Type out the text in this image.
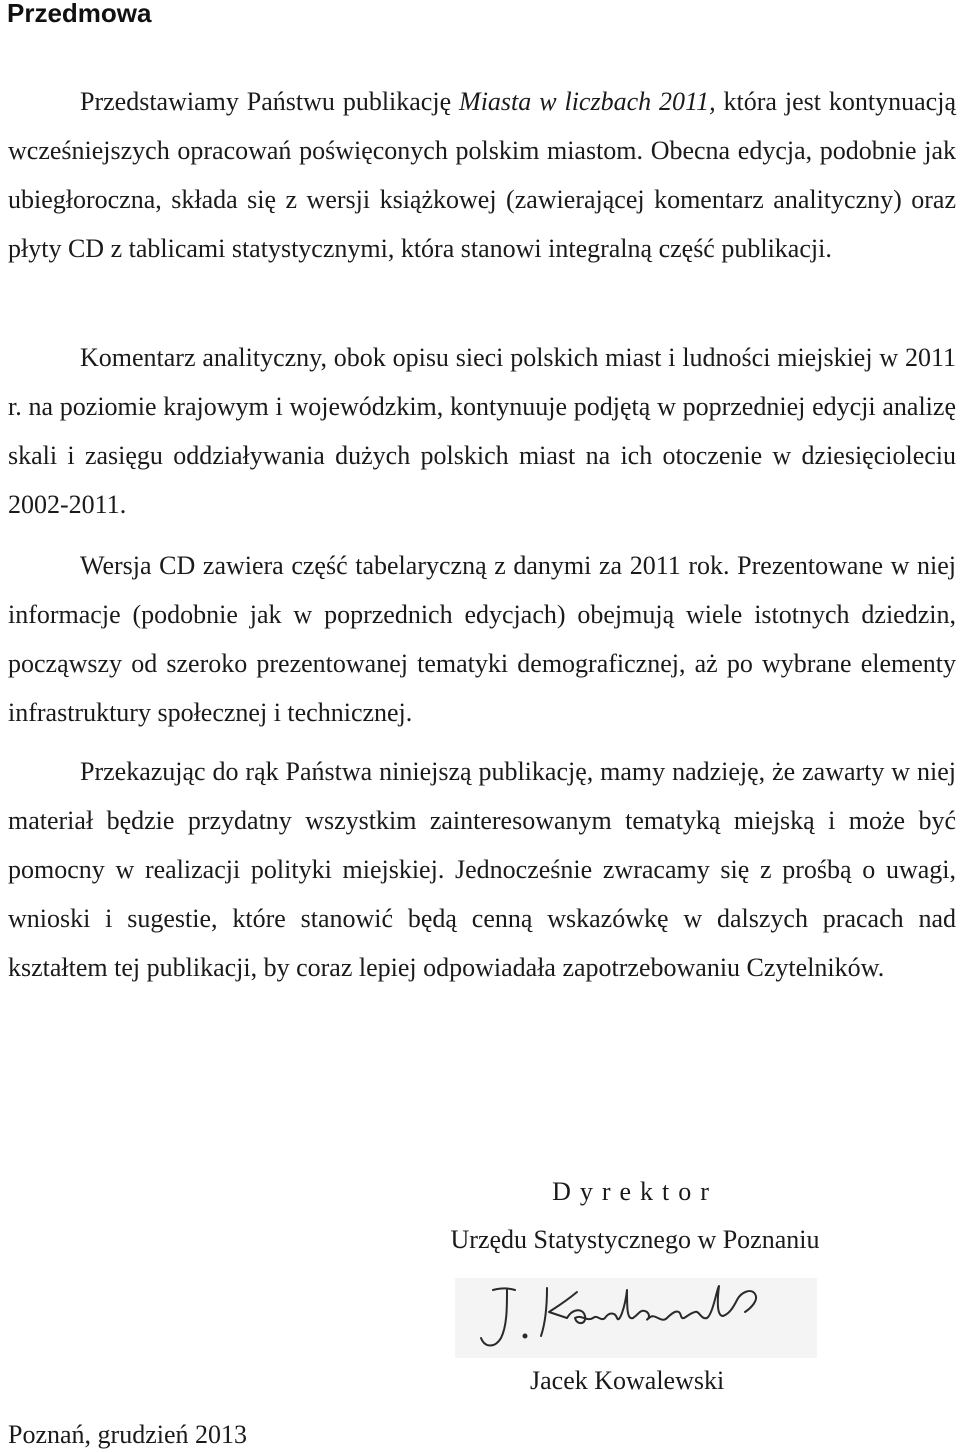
Przedmowa

Przedstawiamy Państwu publikację Miasta w liczbach 2011, która jest kontynuacją wcześniejszych opracowań poświęconych polskim miastom. Obecna edycja, podobnie jak ubiegłoroczna, składa się z wersji książkowej (zawierającej komentarz analityczny) oraz płyty CD z tablicami statystycznymi, która stanowi integralną część publikacji.

Komentarz analityczny, obok opisu sieci polskich miast i ludności miejskiej w 2011 r. na poziomie krajowym i wojewódzkim, kontynuuje podjętą w poprzedniej edycji analizę skali i zasięgu oddziaływania dużych polskich miast na ich otoczenie w dziesięcioleciu 2002-2011.

Wersja CD zawiera część tabelaryczną z danymi za 2011 rok. Prezentowane w niej informacje (podobnie jak w poprzednich edycjach) obejmują wiele istotnych dziedzin, począwszy od szeroko prezentowanej tematyki demograficznej, aż po wybrane elementy infrastruktury społecznej i technicznej.

Przekazując do rąk Państwa niniejszą publikację, mamy nadzieję, że zawarty w niej materiał będzie przydatny wszystkim zainteresowanym tematyką miejską i może być pomocny w realizacji polityki miejskiej. Jednocześnie zwracamy się z prośbą o uwagi, wnioski i sugestie, które stanowić będą cenną wskazówkę w dalszych pracach nad kształtem tej publikacji, by coraz lepiej odpowiadała zapotrzebowaniu Czytelników.

Dyrektor
Urzędu Statystycznego w Poznaniu
Jacek Kowalewski
Poznań, grudzień 2013
